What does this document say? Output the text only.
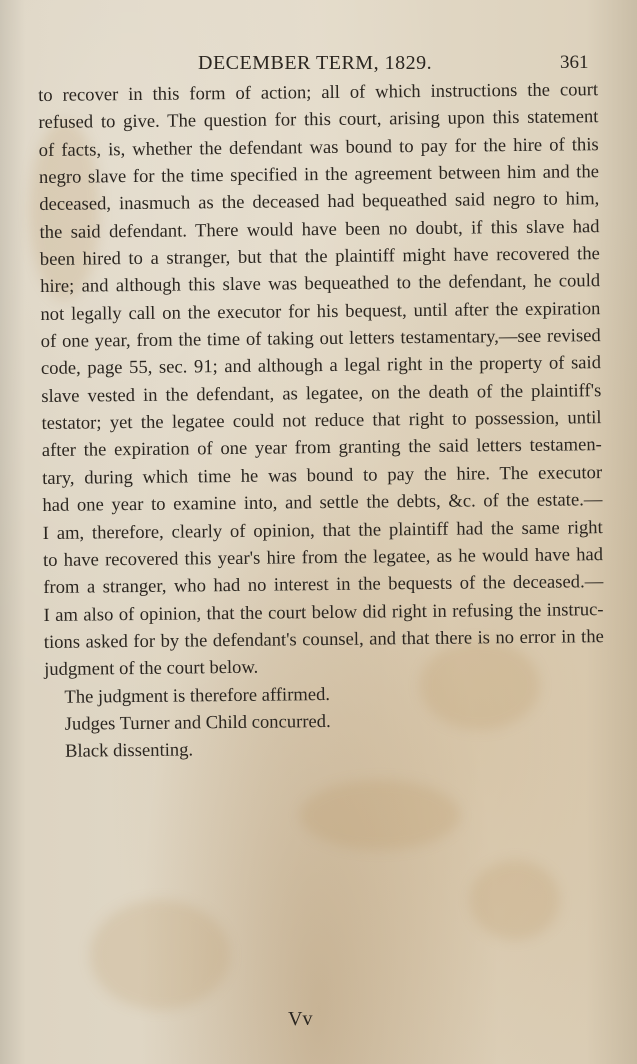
DECEMBER TERM, 1829.	361
to recover in this form of action; all of which instructions the court
refused to give. The question for this court, arising upon this statement
of facts, is, whether the defendant was bound to pay for the hire of this
negro slave for the time specified in the agreement between him and the
deceased, inasmuch as the deceased had bequeathed said negro to him,
the said defendant. There would have been no doubt, if this slave had
been hired to a stranger, but that the plaintiff might have recovered the
hire; and although this slave was bequeathed to the defendant, he could
not legally call on the executor for his bequest, until after the expiration
of one year, from the time of taking out letters testamentary,—see revised
code, page 55, sec. 91; and although a legal right in the property of said
slave vested in the defendant, as legatee, on the death of the plaintiff's
testator; yet the legatee could not reduce that right to possession, until
after the expiration of one year from granting the said letters testamen-
tary, during which time he was bound to pay the hire. The executor
had one year to examine into, and settle the debts, &c. of the estate.—
I am, therefore, clearly of opinion, that the plaintiff had the same right
to have recovered this year's hire from the legatee, as he would have had
from a stranger, who had no interest in the bequests of the deceased.—
I am also of opinion, that the court below did right in refusing the instruc-
tions asked for by the defendant's counsel, and that there is no error in the
judgment of the court below.
The judgment is therefore affirmed.
Judges Turner and Child concurred.
Black dissenting.
Vv
